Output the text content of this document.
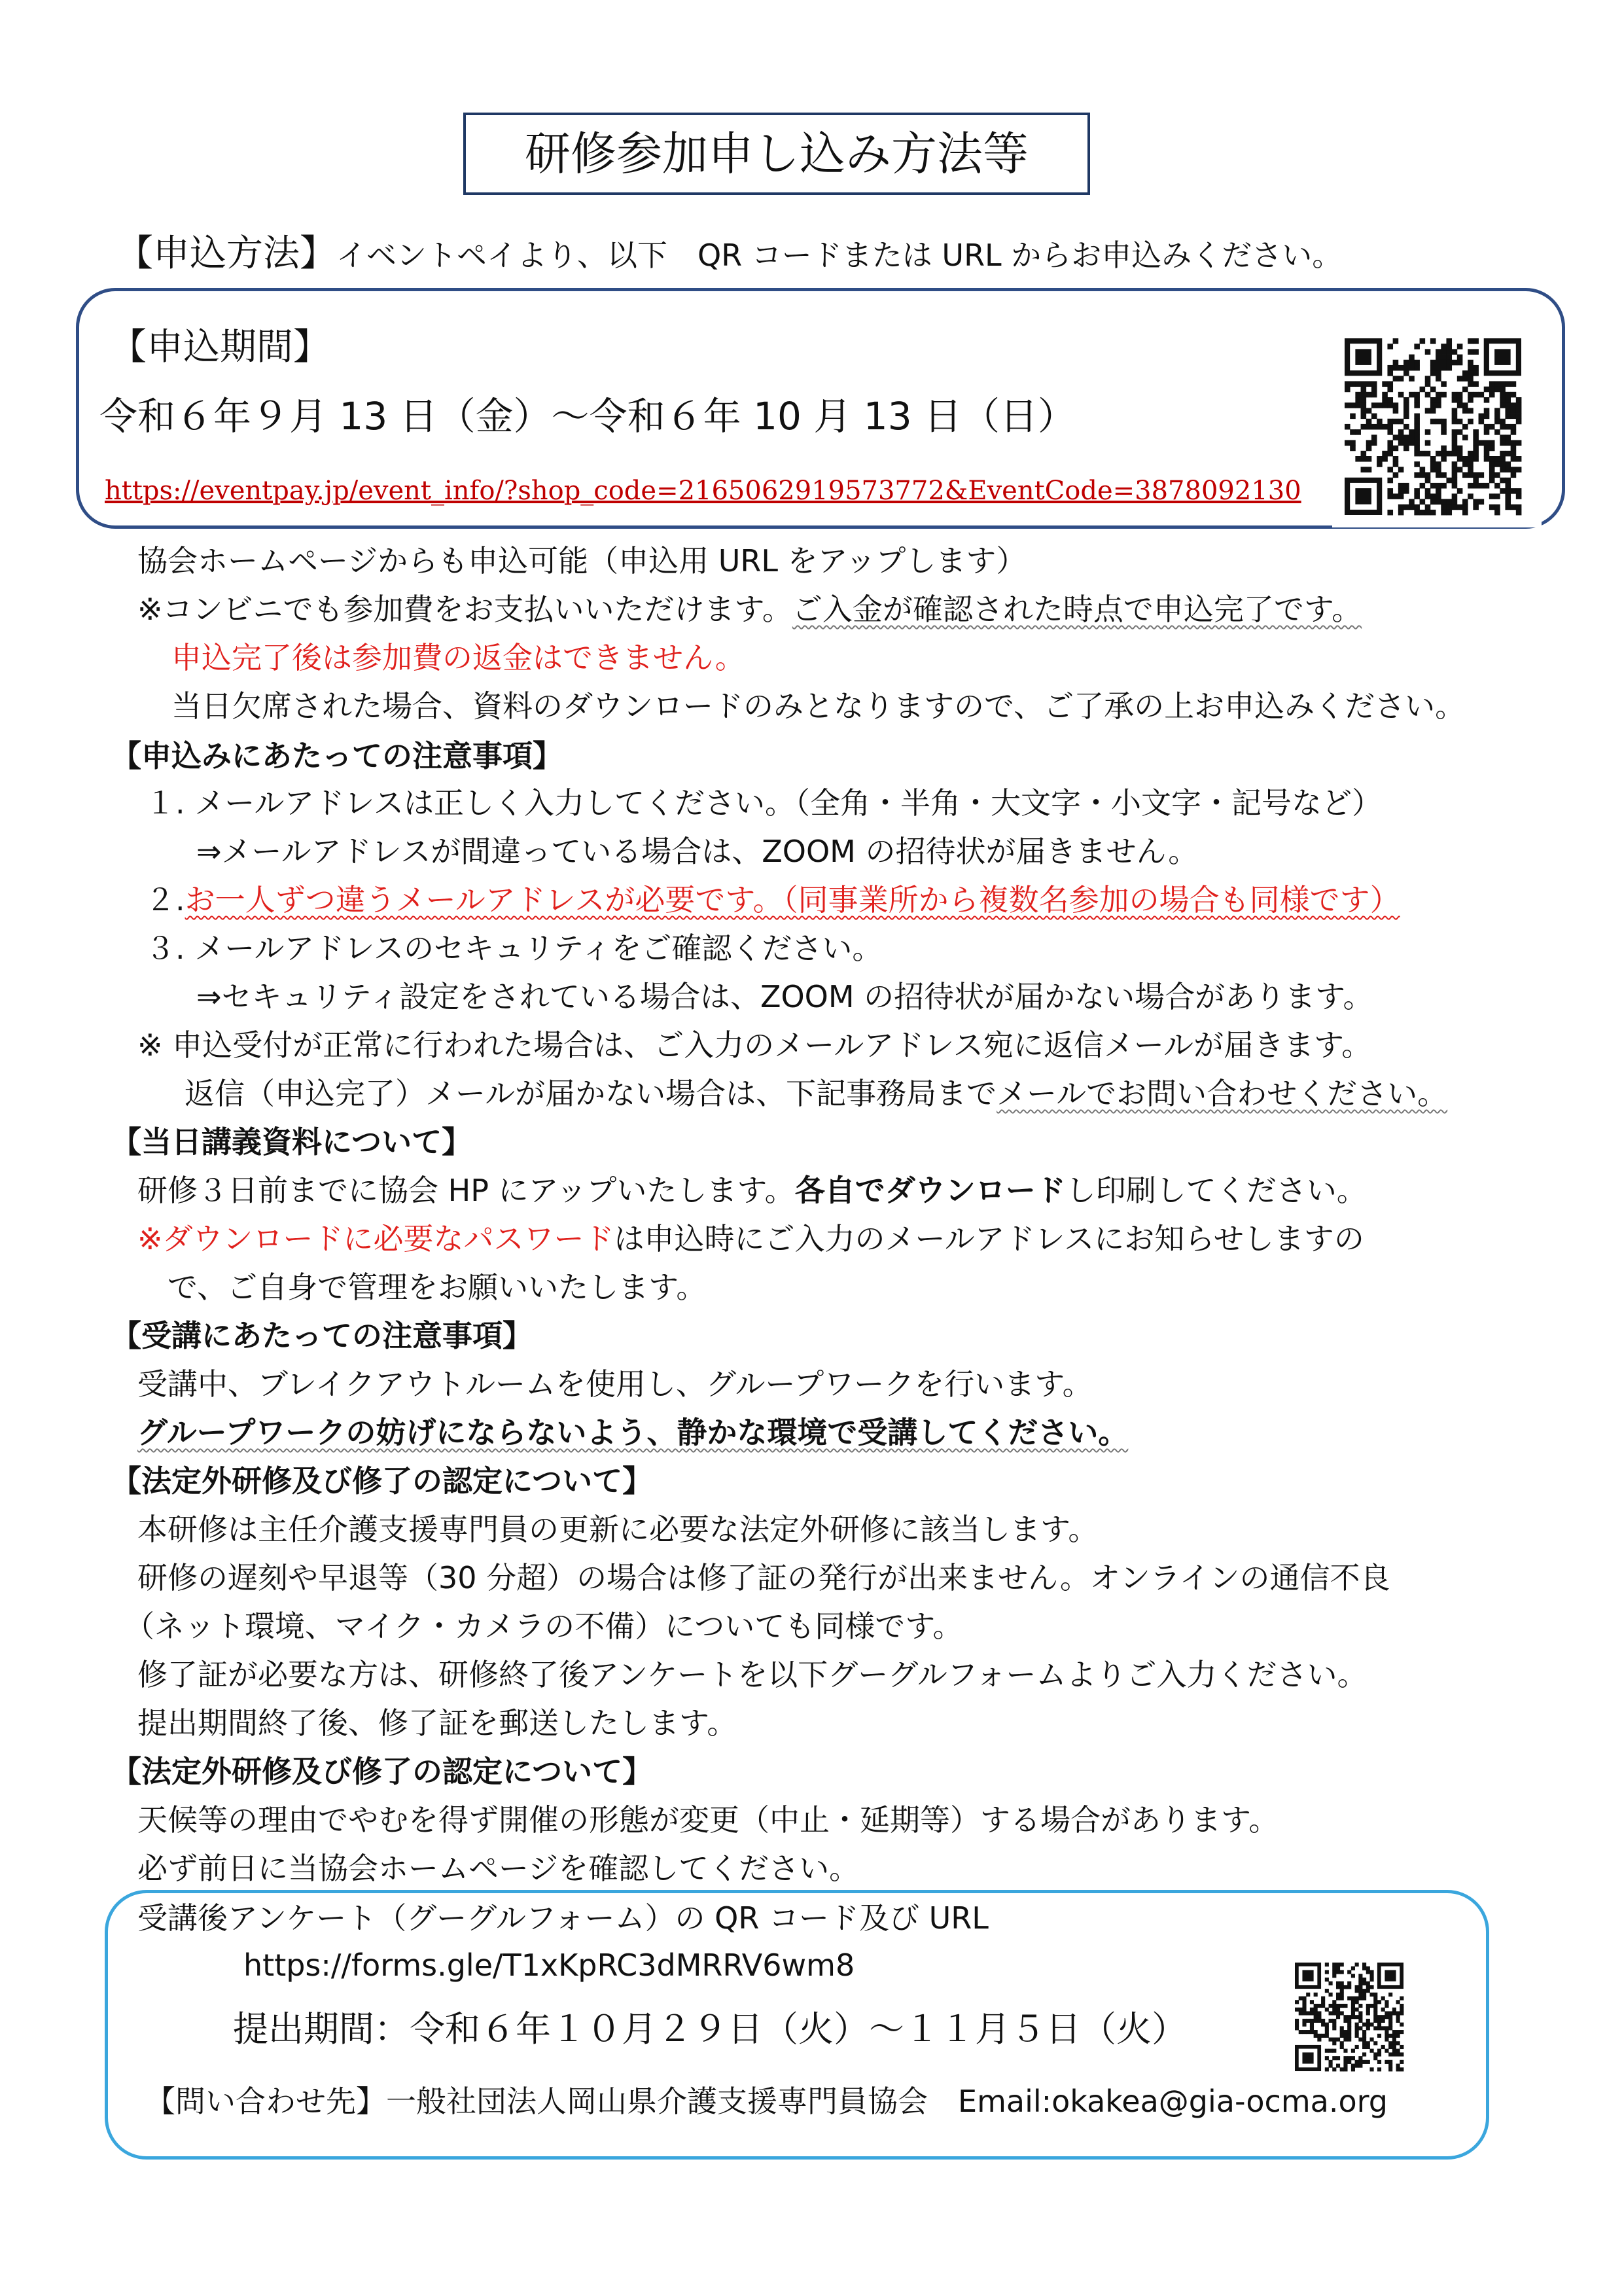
研修参加申し込み方法等
【申込方法】イベントペイより、以下　QR コードまたは URL からお申込みください。
【申込期間】
令和６年９月 13 日（金）～令和６年 10 月 13 日（日）
https://eventpay.jp/event_info/?shop_code=2165062919573772&EventCode=3878092130
協会ホームページからも申込可能（申込用 URL をアップします）
※コンビニでも参加費をお支払いいただけます。ご入金が確認された時点で申込完了です。
申込完了後は参加費の返金はできません。
当日欠席された場合、資料のダウンロードのみとなりますので、ご了承の上お申込みください。
【申込みにあたっての注意事項】
１. メールアドレスは正しく入力してください。（全角・半角・大文字・小文字・記号など）
⇒メールアドレスが間違っている場合は、ZOOM の招待状が届きません。
２.お一人ずつ違うメールアドレスが必要です。（同事業所から複数名参加の場合も同様です）
３. メールアドレスのセキュリティをご確認ください。
⇒セキュリティ設定をされている場合は、ZOOM の招待状が届かない場合があります。
※ 申込受付が正常に行われた場合は、ご入力のメールアドレス宛に返信メールが届きます。
返信（申込完了）メールが届かない場合は、下記事務局までメールでお問い合わせください。
【当日講義資料について】
研修３日前までに協会 HP にアップいたします。各自でダウンロードし印刷してください。
※ダウンロードに必要なパスワードは申込時にご入力のメールアドレスにお知らせしますの
で、ご自身で管理をお願いいたします。
【受講にあたっての注意事項】
受講中、ブレイクアウトルームを使用し、グループワークを行います。
グループワークの妨げにならないよう、静かな環境で受講してください。
【法定外研修及び修了の認定について】
本研修は主任介護支援専門員の更新に必要な法定外研修に該当します。
研修の遅刻や早退等（30 分超）の場合は修了証の発行が出来ません。オンラインの通信不良
（ネット環境、マイク・カメラの不備）についても同様です。
修了証が必要な方は、研修終了後アンケートを以下グーグルフォームよりご入力ください。
提出期間終了後、修了証を郵送したします。
【法定外研修及び修了の認定について】
天候等の理由でやむを得ず開催の形態が変更（中止・延期等）する場合があります。
必ず前日に当協会ホームページを確認してください。
受講後アンケート（グーグルフォーム）の QR コード及び URL
https://forms.gle/T1xKpRC3dMRRV6wm8
提出期間：令和６年１０月２９日（火）～１１月５日（火）
【問い合わせ先】一般社団法人岡山県介護支援専門員協会　Email:okakea@gia-ocma.org
